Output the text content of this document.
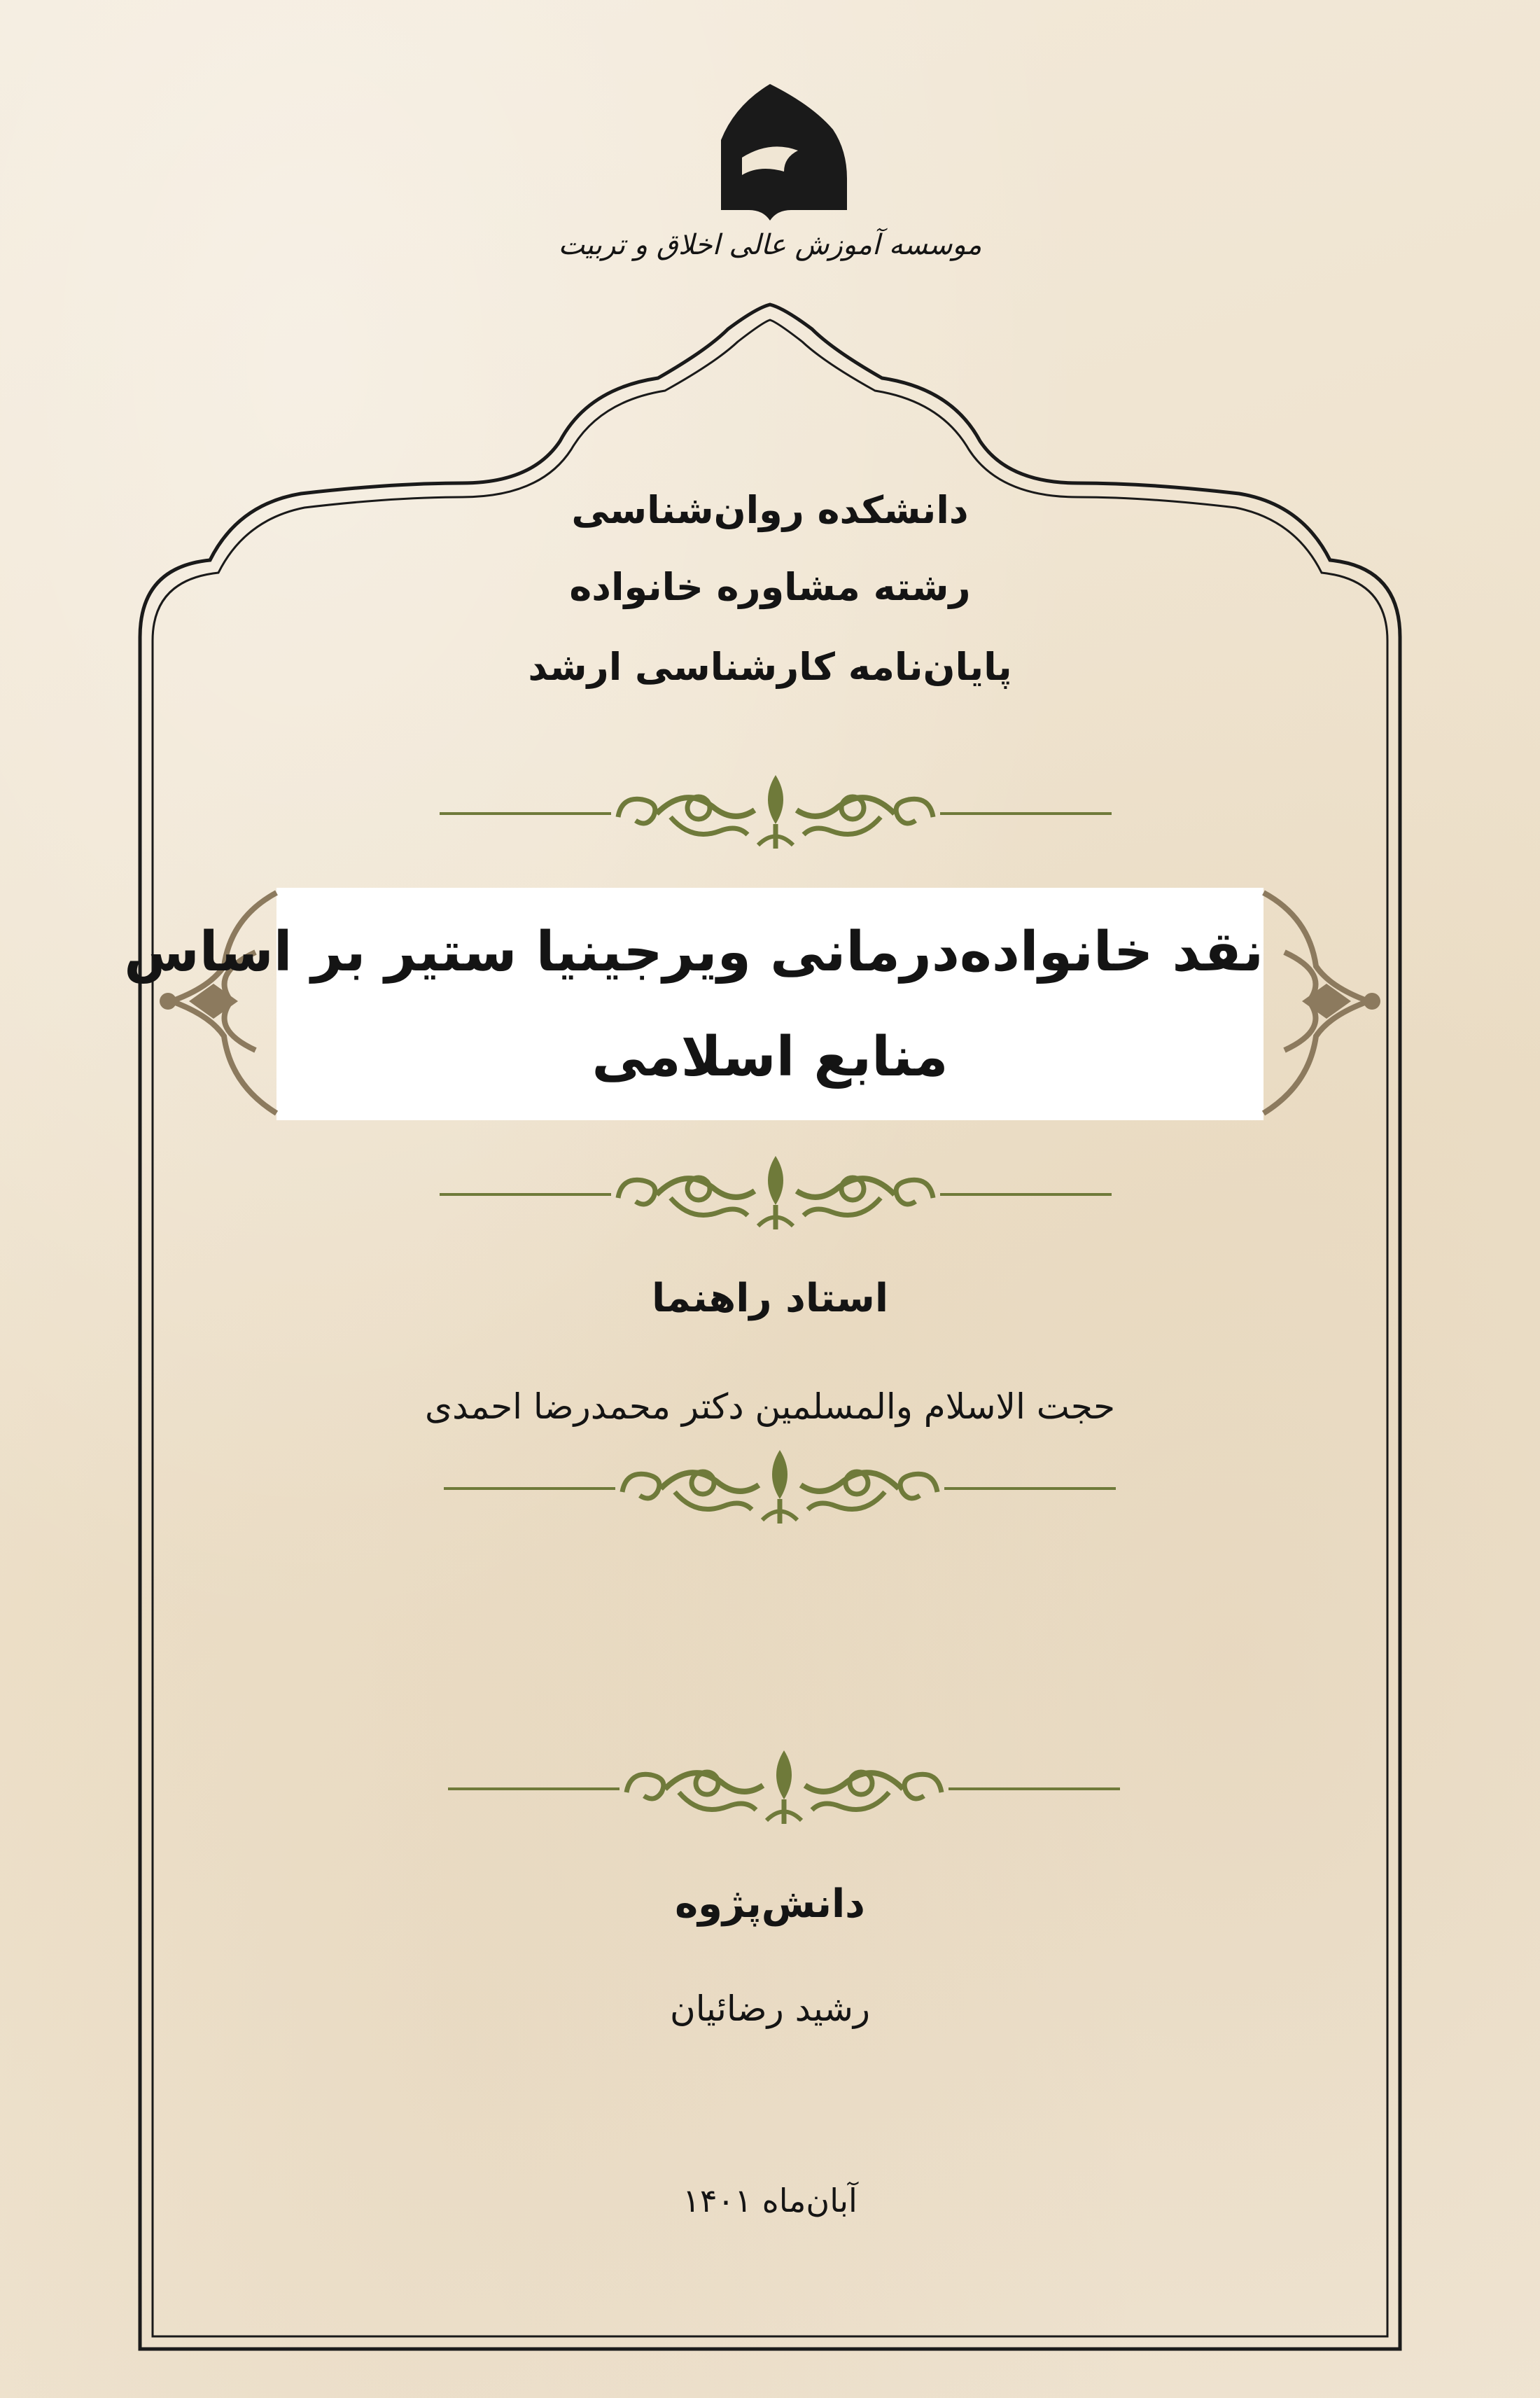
موسسه آموزش عالی اخلاق و تربیت
دانشکده روان‌شناسی
رشته مشاوره خانواده
پایان‌نامه کارشناسی ارشد
نقد خانواده‌درمانی ویرجینیا ستیر بر اساس
منابع اسلامی
استاد راهنما
حجت الاسلام والمسلمین دکتر محمدرضا احمدی
دانش‌پژوه
رشید رضائیان
آبان‌ماه ۱۴۰۱
